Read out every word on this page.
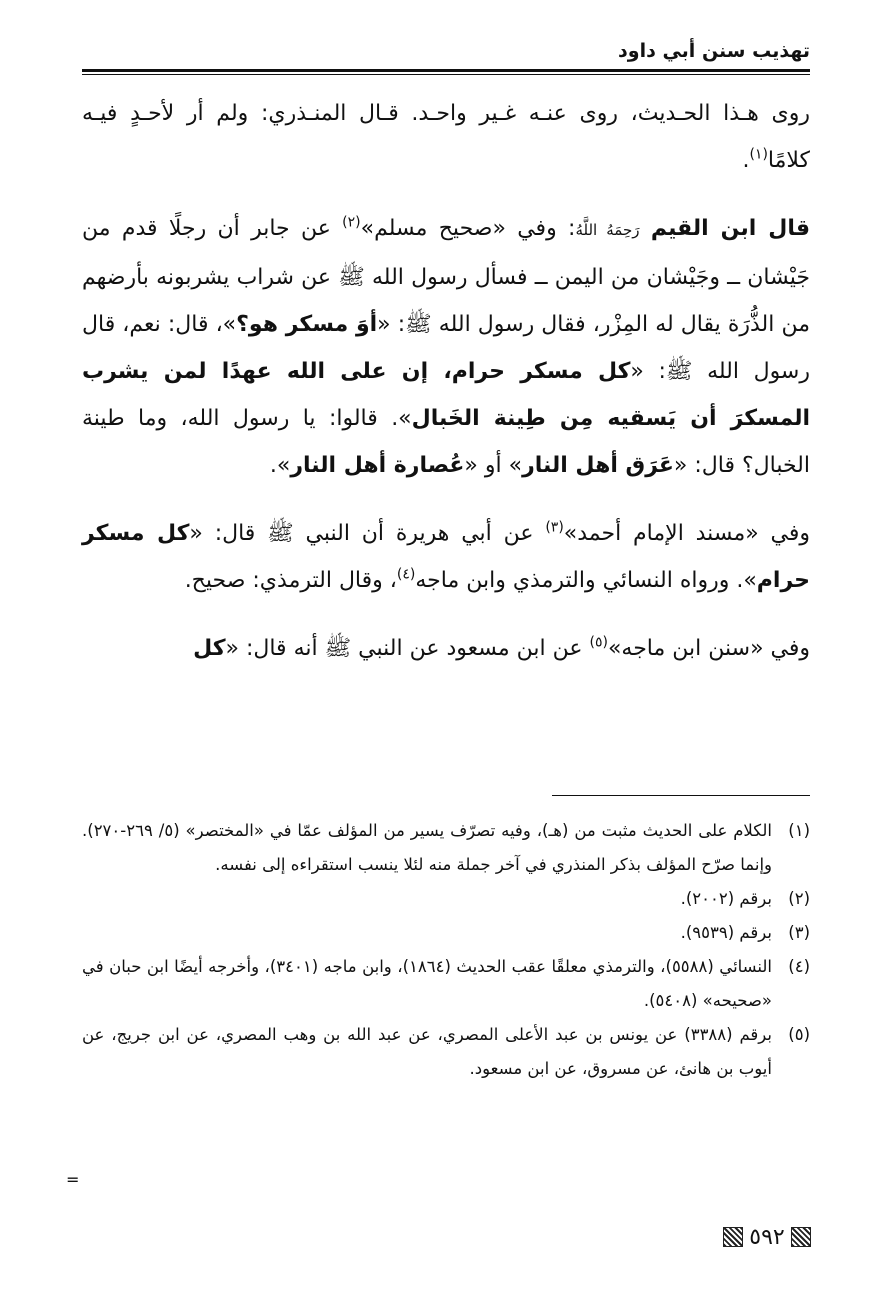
تهذيب سنن أبي داود

روى هـذا الحـديث، روى عنـه غـير واحـد. قـال المنـذري: ولم أر لأحـدٍ فيـه كلامًا$^{(١)}$.

قال ابن القيم رَحِمَهُ اللَّهُ: وفي «صحيح مسلم»$^{(٢)}$ عن جابر أن رجلًا قدم من جَيْشان ــ وجَيْشان من اليمن ــ فسأل رسول الله ﷺ عن شراب يشربونه بأرضهم من الذُّرَة يقال له المِزْر، فقال رسول الله ﷺ: «أوَ مسكر هو؟»، قال: نعم، قال رسول الله ﷺ: «كل مسكر حرام، إن على الله عهدًا لمن يشرب المسكرَ أن يَسقيه مِن طِينة الخَبال». قالوا: يا رسول الله، وما طينة الخبال؟ قال: «عَرَق أهل النار» أو «عُصارة أهل النار».

وفي «مسند الإمام أحمد»$^{(٣)}$ عن أبي هريرة أن النبي ﷺ قال: «كل مسكر حرام». ورواه النسائي والترمذي وابن ماجه$^{(٤)}$، وقال الترمذي: صحيح.

وفي «سنن ابن ماجه»$^{(٥)}$ عن ابن مسعود عن النبي ﷺ أنه قال: «كل

(١)
الكلام على الحديث مثبت من (هـ)، وفيه تصرّف يسير من المؤلف عمّا في «المختصر» (٥/ ٢٦٩-٢٧٠). وإنما صرّح المؤلف بذكر المنذري في آخر جملة منه لئلا ينسب استقراءه إلى نفسه.
(٢)
برقم (٢٠٠٢).
(٣)
برقم (٩٥٣٩).
(٤)
النسائي (٥٥٨٨)، والترمذي معلقًا عقب الحديث (١٨٦٤)، وابن ماجه (٣٤٠١)، وأخرجه أيضًا ابن حبان في «صحيحه» (٥٤٠٨).
(٥)
برقم (٣٣٨٨) عن يونس بن عبد الأعلى المصري، عن عبد الله بن وهب المصري، عن ابن جريج، عن أيوب بن هانئ، عن مسروق، عن ابن مسعود.
=
٥٩٢
